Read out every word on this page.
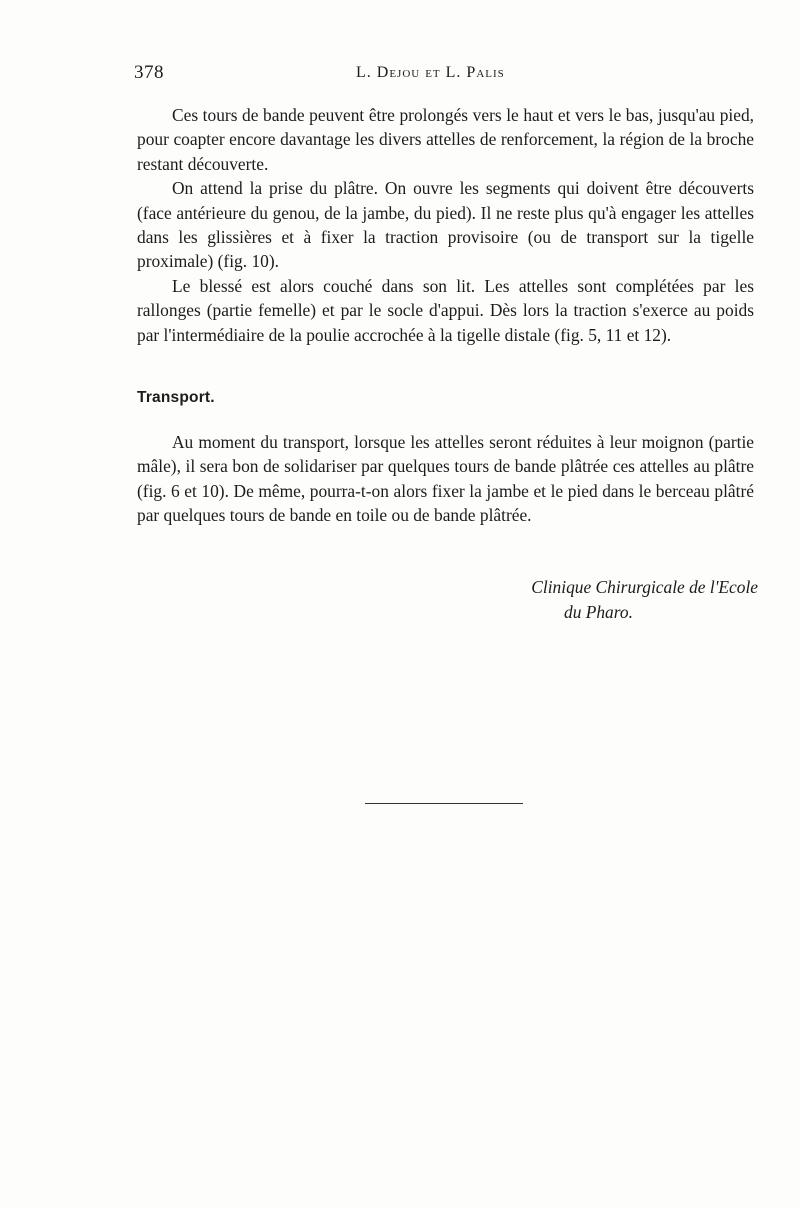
378	L. Dejou et L. Palis

Ces tours de bande peuvent être prolongés vers le haut et vers le bas, jusqu'au pied, pour coapter encore davantage les divers attelles de renforcement, la région de la broche restant découverte.

On attend la prise du plâtre. On ouvre les segments qui doivent être découverts (face antérieure du genou, de la jambe, du pied). Il ne reste plus qu'à engager les attelles dans les glissières et à fixer la traction provisoire (ou de transport sur la tigelle proximale) (fig. 10).

Le blessé est alors couché dans son lit. Les attelles sont complétées par les rallonges (partie femelle) et par le socle d'appui. Dès lors la traction s'exerce au poids par l'intermédiaire de la poulie accrochée à la tigelle distale (fig. 5, 11 et 12).

Transport.

Au moment du transport, lorsque les attelles seront réduites à leur moignon (partie mâle), il sera bon de solidariser par quelques tours de bande plâtrée ces attelles au plâtre (fig. 6 et 10). De même, pourra-t-on alors fixer la jambe et le pied dans le berceau plâtré par quelques tours de bande en toile ou de bande plâtrée.

Clinique Chirurgicale de l'Ecole
du Pharo.
